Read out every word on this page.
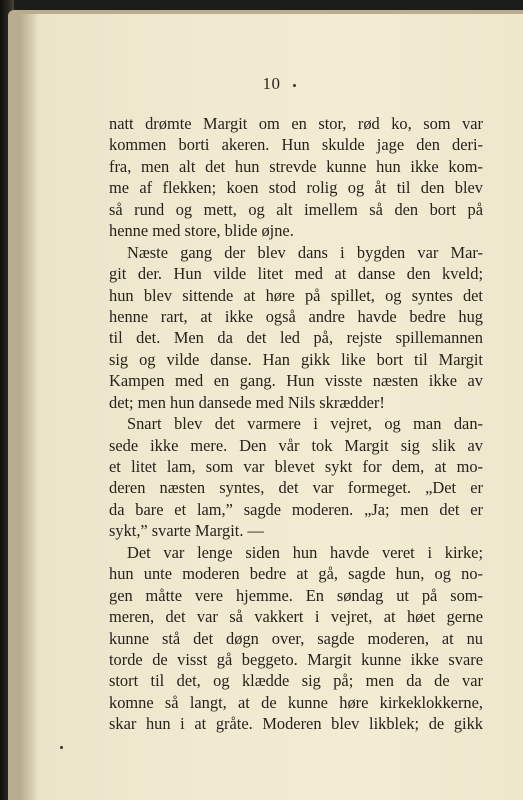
10
natt drømte Margit om en stor, rød ko, som var
kommen borti akeren. Hun skulde jage den deri-
fra, men alt det hun strevde kunne hun ikke kom-
me af flekken; koen stod rolig og åt til den blev
så rund og mett, og alt imellem så den bort på
henne med store, blide øjne.
Næste gang der blev dans i bygden var Mar-
git der. Hun vilde litet med at danse den kveld;
hun blev sittende at høre på spillet, og syntes det
henne rart, at ikke også andre havde bedre hug
til det. Men da det led på, rejste spillemannen
sig og vilde danse. Han gikk like bort til Margit
Kampen med en gang. Hun visste næsten ikke av
det; men hun dansede med Nils skrædder!
Snart blev det varmere i vejret, og man dan-
sede ikke mere. Den vår tok Margit sig slik av
et litet lam, som var blevet sykt for dem, at mo-
deren næsten syntes, det var formeget. „Det er
da bare et lam,” sagde moderen. „Ja; men det er
sykt,” svarte Margit. —
Det var lenge siden hun havde veret i kirke;
hun unte moderen bedre at gå, sagde hun, og no-
gen måtte vere hjemme. En søndag ut på som-
meren, det var så vakkert i vejret, at høet gerne
kunne stå det døgn over, sagde moderen, at nu
torde de visst gå beggeto. Margit kunne ikke svare
stort til det, og klædde sig på; men da de var
komne så langt, at de kunne høre kirkeklokkerne,
skar hun i at gråte. Moderen blev likblek; de gikk
